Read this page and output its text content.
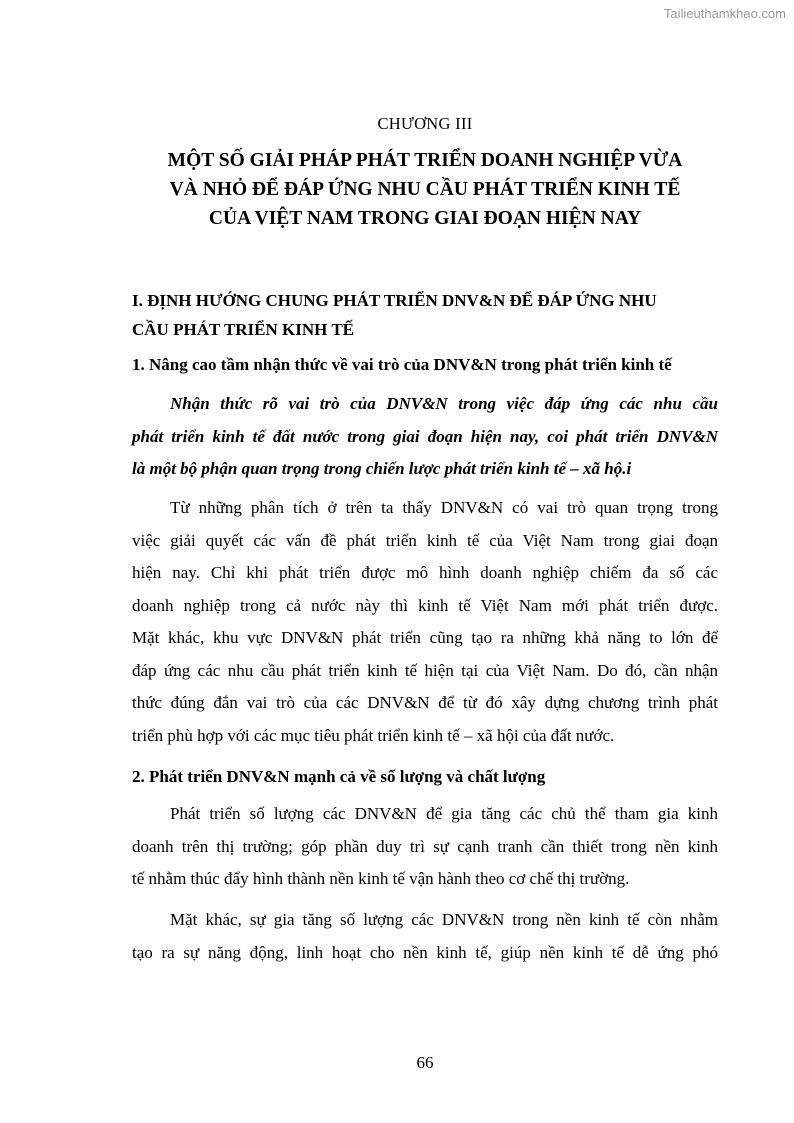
Tailieuthamkhao.com
CHƯƠNG III
MỘT SỐ GIẢI PHÁP PHÁT TRIỂN DOANH NGHIỆP VỪA
VÀ NHỎ ĐỂ ĐÁP ỨNG NHU CẦU PHÁT TRIỂN KINH TẾ
CỦA VIỆT NAM TRONG GIAI ĐOẠN HIỆN NAY
I. ĐỊNH HƯỚNG CHUNG PHÁT TRIỂN DNV&N ĐỂ ĐÁP ỨNG NHU
CẦU PHÁT TRIỂN KINH TẾ
1. Nâng cao tầm nhận thức về vai trò của DNV&N trong phát triển kinh tế

Nhận thức rõ vai trò của DNV&N trong việc đáp ứng các nhu cầu
phát triển kinh tế đất nước trong giai đoạn hiện nay, coi phát triển DNV&N
là một bộ phận quan trọng trong chiến lược phát triển kinh tế – xã hộ.i

Từ những phân tích ở trên ta thấy DNV&N có vai trò quan trọng trong
việc giải quyết các vấn đề phát triển kinh tế của Việt Nam trong giai đoạn
hiện nay. Chỉ khi phát triển được mô hình doanh nghiệp chiếm đa số các
doanh nghiệp trong cả nước này thì kinh tế Việt Nam mới phát triển được.
Mặt khác, khu vực DNV&N phát triển cũng tạo ra những khả năng to lớn để
đáp ứng các nhu cầu phát triển kinh tế hiện tại của Việt Nam. Do đó, cần nhận
thức đúng đắn vai trò của các DNV&N để từ đó xây dựng chương trình phát
triển phù hợp với các mục tiêu phát triển kinh tế – xã hội của đất nước.

2. Phát triển DNV&N mạnh cả về số lượng và chất lượng

Phát triển số lượng các DNV&N để gia tăng các chủ thể tham gia kinh
doanh trên thị trường; góp phần duy trì sự cạnh tranh cần thiết trong nền kinh
tế nhằm thúc đẩy hình thành nền kinh tế vận hành theo cơ chế thị trường.

Mặt khác, sự gia tăng số lượng các DNV&N trong nền kinh tế còn nhằm
tạo ra sự năng động, linh hoạt cho nền kinh tế, giúp nền kinh tế dễ ứng phó

66
